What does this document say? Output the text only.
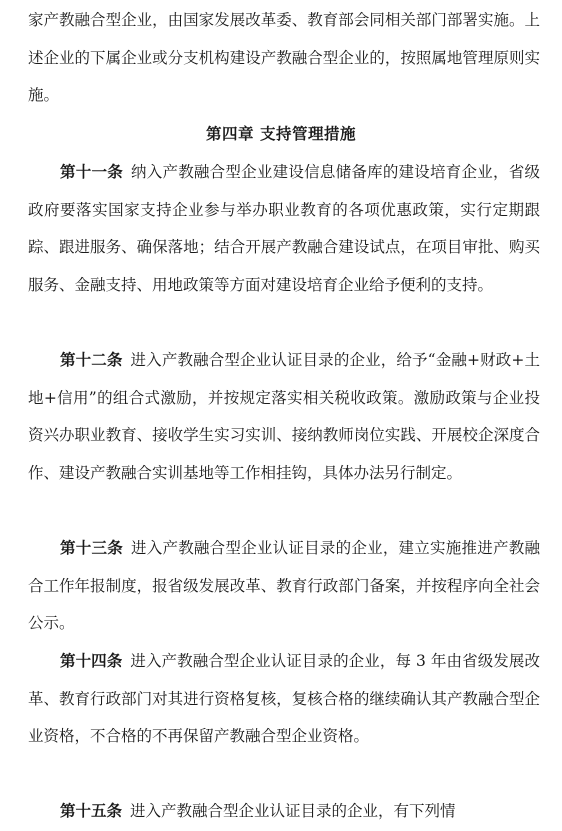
家产教融合型企业，由国家发展改革委、教育部会同相关部门部署实施。上述企业的下属企业或分支机构建设产教融合型企业的，按照属地管理原则实施。

第四章 支持管理措施

第十一条 纳入产教融合型企业建设信息储备库的建设培育企业，省级政府要落实国家支持企业参与举办职业教育的各项优惠政策，实行定期跟踪、跟进服务、确保落地；结合开展产教融合建设试点，在项目审批、购买服务、金融支持、用地政策等方面对建设培育企业给予便利的支持。

第十二条 进入产教融合型企业认证目录的企业，给予“金融+财政+土地+信用”的组合式激励，并按规定落实相关税收政策。激励政策与企业投资兴办职业教育、接收学生实习实训、接纳教师岗位实践、开展校企深度合作、建设产教融合实训基地等工作相挂钩，具体办法另行制定。

第十三条 进入产教融合型企业认证目录的企业，建立实施推进产教融合工作年报制度，报省级发展改革、教育行政部门备案，并按程序向全社会公示。

第十四条 进入产教融合型企业认证目录的企业，每 3 年由省级发展改革、教育行政部门对其进行资格复核，复核合格的继续确认其产教融合型企业资格，不合格的不再保留产教融合型企业资格。

第十五条 进入产教融合型企业认证目录的企业，有下列情
